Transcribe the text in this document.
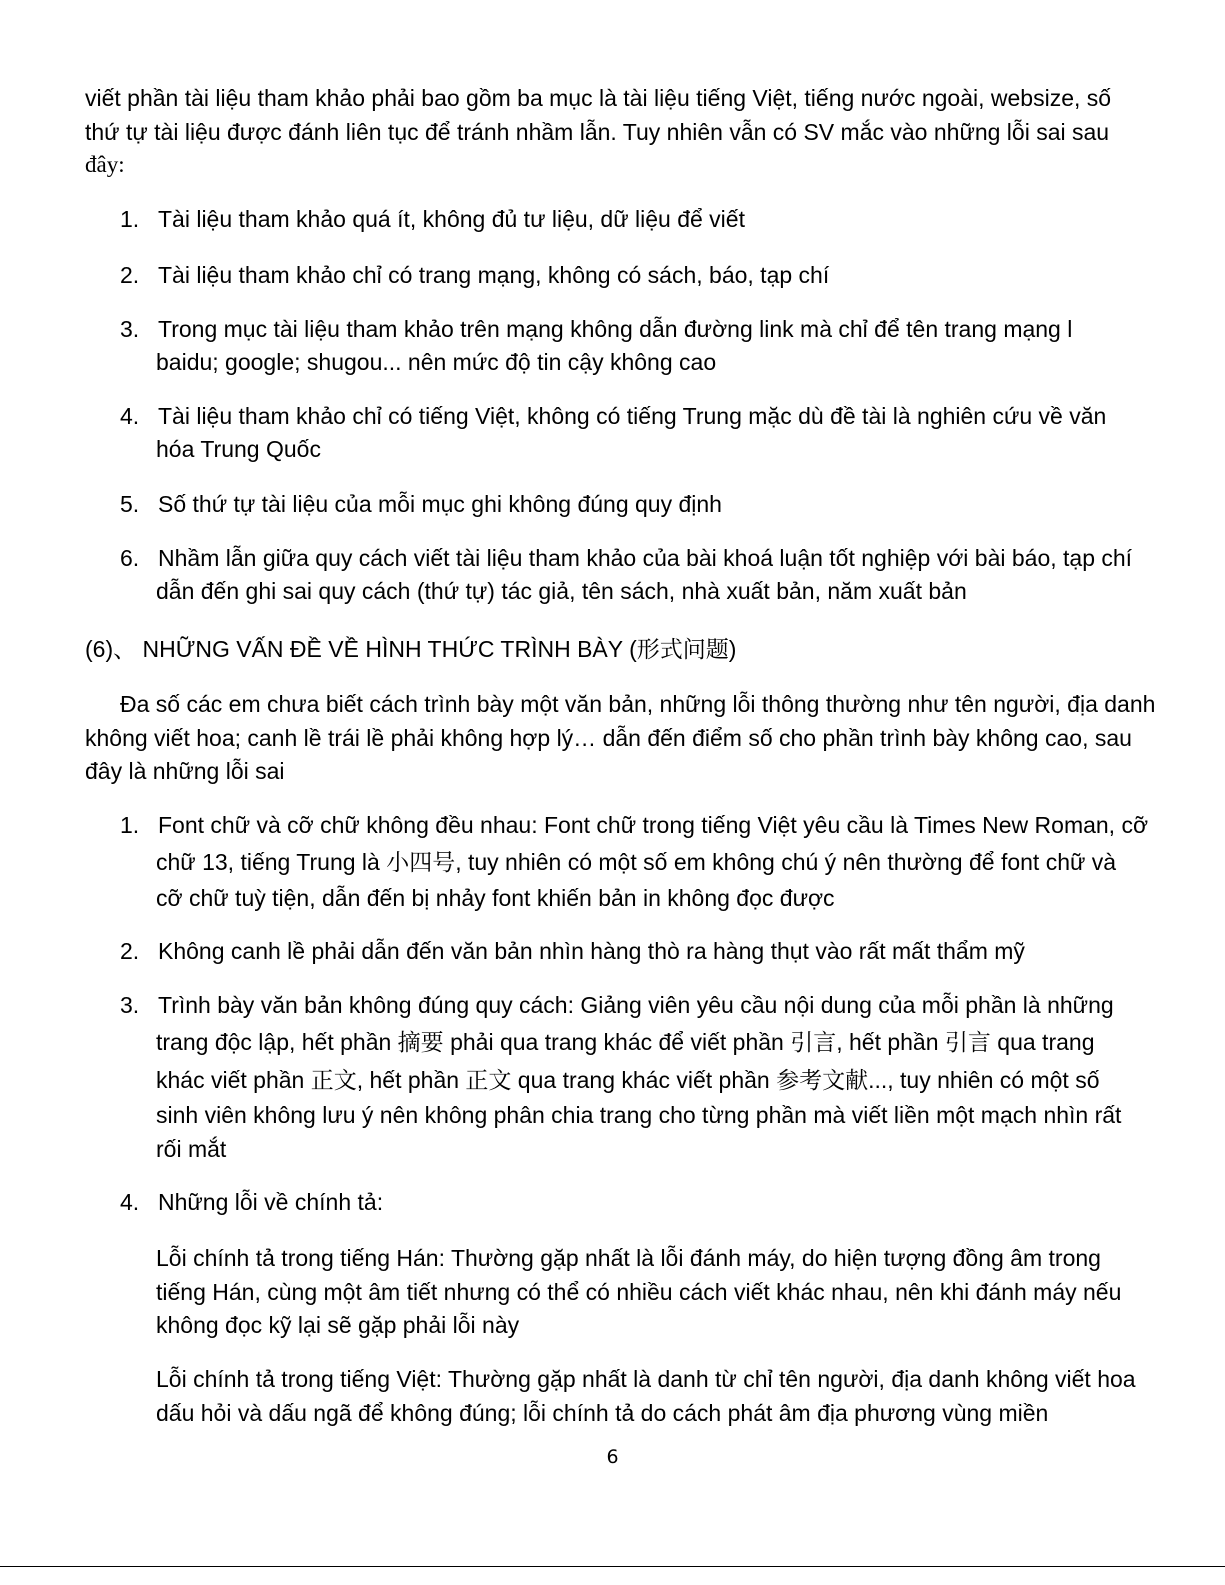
viết phần tài liệu tham khảo phải bao gồm ba mục là tài liệu tiếng Việt, tiếng nước ngoài, websize, số

thứ tự tài liệu được đánh liên tục để tránh nhầm lẫn. Tuy nhiên vẫn có SV mắc vào những lỗi sai sau

đây:

1. Tài liệu tham khảo quá ít, không đủ tư liệu, dữ liệu để viết

2. Tài liệu tham khảo chỉ có trang mạng, không có sách, báo, tạp chí

3. Trong mục tài liệu tham khảo trên mạng không dẫn đường link mà chỉ để tên trang mạng l

baidu; google; shugou... nên mức độ tin cậy không cao

4. Tài liệu tham khảo chỉ có tiếng Việt, không có tiếng Trung mặc dù đề tài là nghiên cứu về văn

hóa Trung Quốc

5. Số thứ tự tài liệu của mỗi mục ghi không đúng quy định

6. Nhầm lẫn giữa quy cách viết tài liệu tham khảo của bài khoá luận tốt nghiệp với bài báo, tạp chí

dẫn đến ghi sai quy cách (thứ tự) tác giả, tên sách, nhà xuất bản, năm xuất bản

(6)、 NHỮNG VẤN ĐỀ VỀ HÌNH THỨC TRÌNH BÀY (形式问题)

Đa số các em chưa biết cách trình bày một văn bản, những lỗi thông thường như tên người, địa danh

không viết hoa; canh lề trái lề phải không hợp lý… dẫn đến điểm số cho phần trình bày không cao, sau

đây là những lỗi sai

1. Font chữ và cỡ chữ không đều nhau: Font chữ trong tiếng Việt yêu cầu là Times New Roman, cỡ

chữ 13, tiếng Trung là 小四号, tuy nhiên có một số em không chú ý nên thường để font chữ và

cỡ chữ tuỳ tiện, dẫn đến bị nhảy font khiến bản in không đọc được

2. Không canh lề phải dẫn đến văn bản nhìn hàng thò ra hàng thụt vào rất mất thẩm mỹ

3. Trình bày văn bản không đúng quy cách: Giảng viên yêu cầu nội dung của mỗi phần là những

trang độc lập, hết phần 摘要 phải qua trang khác để viết phần 引言, hết phần 引言 qua trang

khác viết phần 正文, hết phần 正文 qua trang khác viết phần 参考文献..., tuy nhiên có một số

sinh viên không lưu ý nên không phân chia trang cho từng phần mà viết liền một mạch nhìn rất

rối mắt

4. Những lỗi về chính tả:

Lỗi chính tả trong tiếng Hán: Thường gặp nhất là lỗi đánh máy, do hiện tượng đồng âm trong

tiếng Hán, cùng một âm tiết nhưng có thể có nhiều cách viết khác nhau, nên khi đánh máy nếu

không đọc kỹ lại sẽ gặp phải lỗi này

Lỗi chính tả trong tiếng Việt: Thường gặp nhất là danh từ chỉ tên người, địa danh không viết hoa

dấu hỏi và dấu ngã để không đúng; lỗi chính tả do cách phát âm địa phương vùng miền

6
